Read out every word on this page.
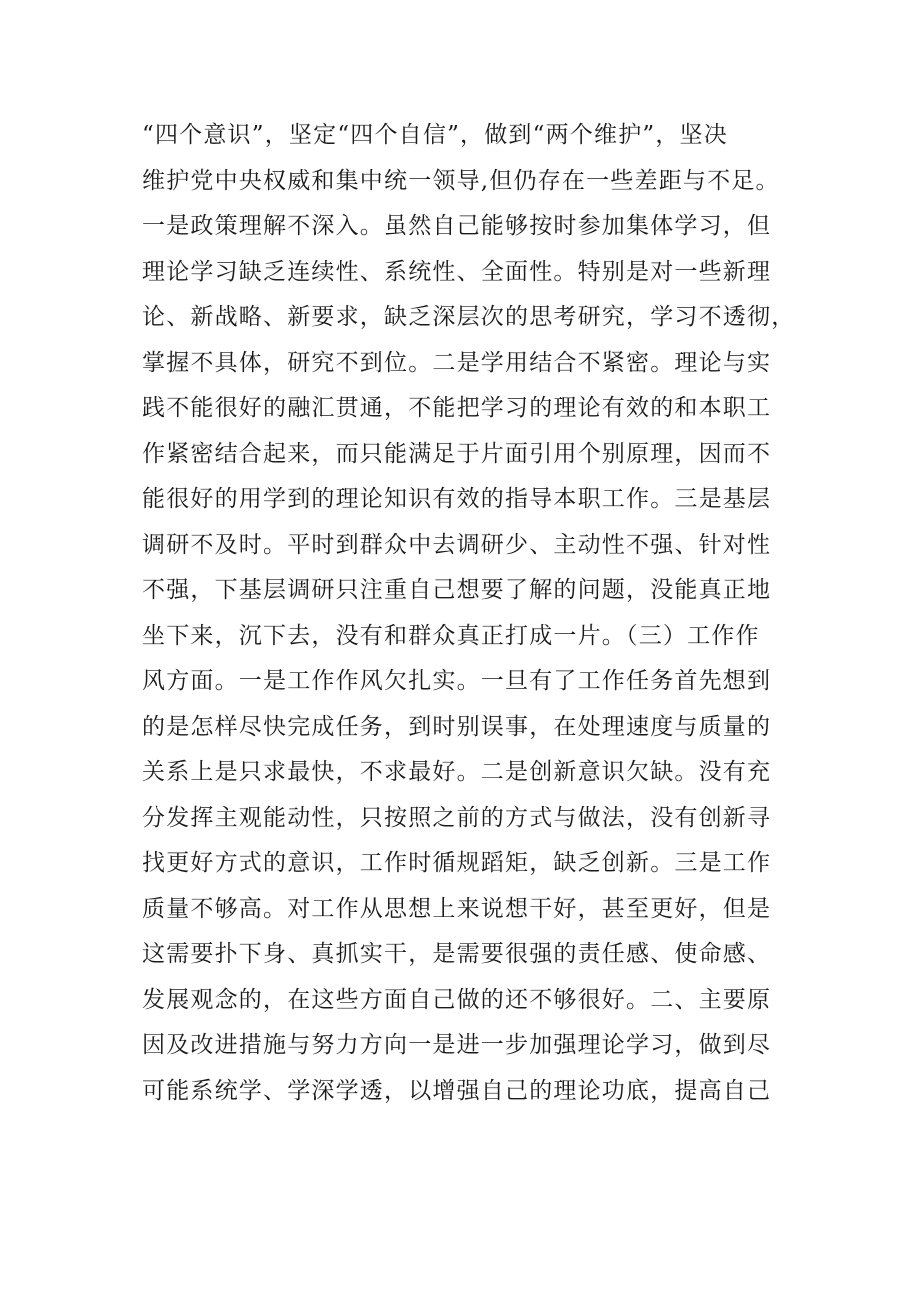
“四个意识”，坚定“四个自信”，做到“两个维护”，坚决
维护党中央权威和集中统一领导,但仍存在一些差距与不足。
一是政策理解不深入。虽然自己能够按时参加集体学习，但
理论学习缺乏连续性、系统性、全面性。特别是对一些新理
论、新战略、新要求，缺乏深层次的思考研究，学习不透彻，
掌握不具体，研究不到位。二是学用结合不紧密。理论与实
践不能很好的融汇贯通，不能把学习的理论有效的和本职工
作紧密结合起来，而只能满足于片面引用个别原理，因而不
能很好的用学到的理论知识有效的指导本职工作。三是基层
调研不及时。平时到群众中去调研少、主动性不强、针对性
不强，下基层调研只注重自己想要了解的问题，没能真正地
坐下来，沉下去，没有和群众真正打成一片。（三）工作作
风方面。一是工作作风欠扎实。一旦有了工作任务首先想到
的是怎样尽快完成任务，到时别误事，在处理速度与质量的
关系上是只求最快，不求最好。二是创新意识欠缺。没有充
分发挥主观能动性，只按照之前的方式与做法，没有创新寻
找更好方式的意识，工作时循规蹈矩，缺乏创新。三是工作
质量不够高。对工作从思想上来说想干好，甚至更好，但是
这需要扑下身、真抓实干，是需要很强的责任感、使命感、
发展观念的，在这些方面自己做的还不够很好。二、主要原
因及改进措施与努力方向一是进一步加强理论学习，做到尽
可能系统学、学深学透，以增强自己的理论功底，提高自己
